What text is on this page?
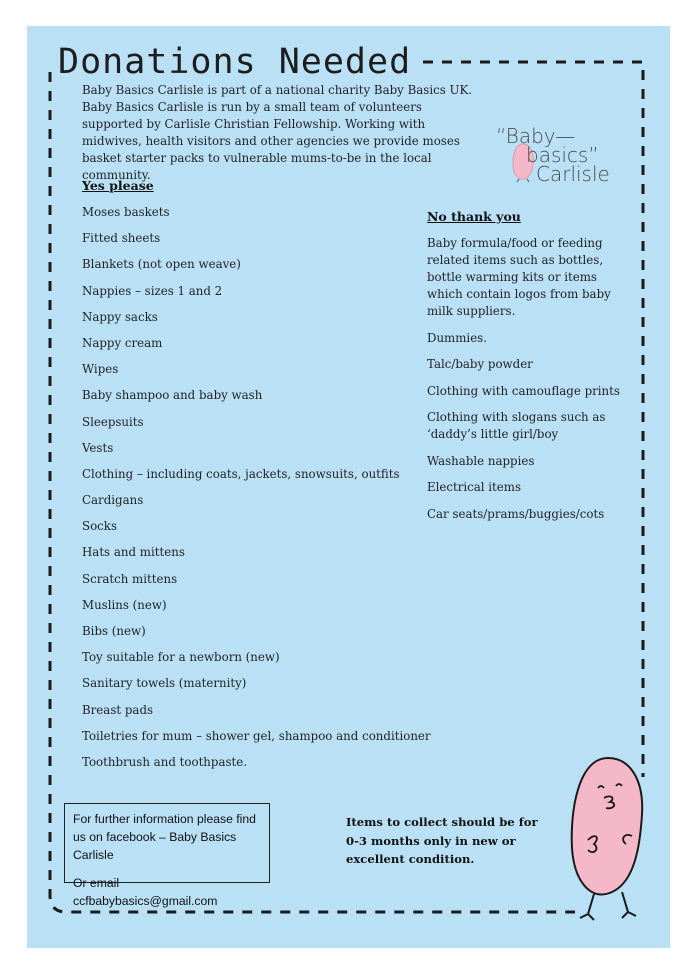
Donations Needed
Baby Basics Carlisle is part of a national charity Baby Basics UK. Baby Basics Carlisle is run by a small team of volunteers supported by Carlisle Christian Fellowship. Working with midwives, health visitors and other agencies we provide moses basket starter packs to vulnerable mums-to-be in the local community.
“Baby—
basics”
Carlisle
Yes please
Moses baskets
Fitted sheets
Blankets (not open weave)
Nappies – sizes 1 and 2
Nappy sacks
Nappy cream
Wipes
Baby shampoo and baby wash
Sleepsuits
Vests
Clothing – including coats, jackets, snowsuits, outfits
Cardigans
Socks
Hats and mittens
Scratch mittens
Muslins (new)
Bibs (new)
Toy suitable for a newborn (new)
Sanitary towels (maternity)
Breast pads
Toiletries for mum – shower gel, shampoo and conditioner
Toothbrush and toothpaste.
No thank you
Baby formula/food or feeding related items such as bottles, bottle warming kits or items which contain logos from baby milk suppliers.
Dummies.
Talc/baby powder
Clothing with camouflage prints
Clothing with slogans such as ‘daddy’s little girl/boy
Washable nappies
Electrical items
Car seats/prams/buggies/cots
For further information please find us on facebook – Baby Basics Carlisle
Or email ccfbabybasics@gmail.com
Items to collect should be for 0-3 months only in new or excellent condition.
